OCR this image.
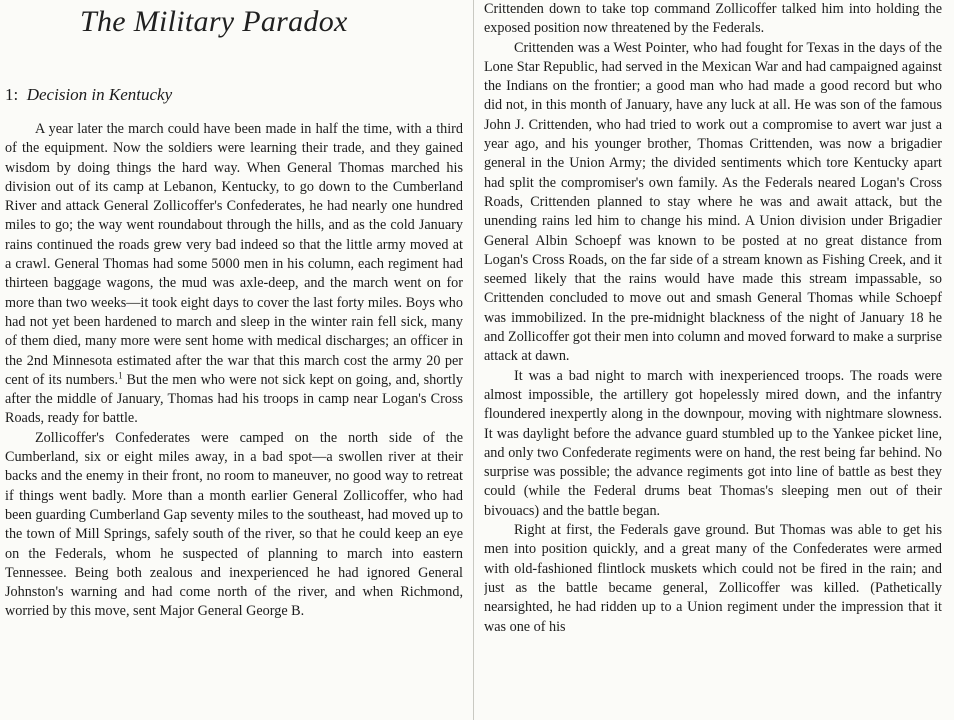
The Military Paradox
1: Decision in Kentucky

A year later the march could have been made in half the time, with a third of the equipment. Now the soldiers were learning their trade, and they gained wisdom by doing things the hard way. When General Thomas marched his division out of its camp at Lebanon, Kentucky, to go down to the Cumberland River and attack General Zollicoffer's Confederates, he had nearly one hundred miles to go; the way went roundabout through the hills, and as the cold January rains continued the roads grew very bad indeed so that the little army moved at a crawl. General Thomas had some 5000 men in his column, each regiment had thirteen baggage wagons, the mud was axle-deep, and the march went on for more than two weeks—it took eight days to cover the last forty miles. Boys who had not yet been hardened to march and sleep in the winter rain fell sick, many of them died, many more were sent home with medical discharges; an officer in the 2nd Minnesota estimated after the war that this march cost the army 20 per cent of its numbers.$^1$ But the men who were not sick kept on going, and, shortly after the middle of January, Thomas had his troops in camp near Logan's Cross Roads, ready for battle.

Zollicoffer's Confederates were camped on the north side of the Cumberland, six or eight miles away, in a bad spot—a swollen river at their backs and the enemy in their front, no room to maneuver, no good way to retreat if things went badly. More than a month earlier General Zollicoffer, who had been guarding Cumberland Gap seventy miles to the southeast, had moved up to the town of Mill Springs, safely south of the river, so that he could keep an eye on the Federals, whom he suspected of planning to march into eastern Tennessee. Being both zealous and inexperienced he had ignored General Johnston's warning and had come north of the river, and when Richmond, worried by this move, sent Major General George B.

Crittenden down to take top command Zollicoffer talked him into holding the exposed position now threatened by the Federals.

Crittenden was a West Pointer, who had fought for Texas in the days of the Lone Star Republic, had served in the Mexican War and had campaigned against the Indians on the frontier; a good man who had made a good record but who did not, in this month of January, have any luck at all. He was son of the famous John J. Crittenden, who had tried to work out a compromise to avert war just a year ago, and his younger brother, Thomas Crittenden, was now a brigadier general in the Union Army; the divided sentiments which tore Kentucky apart had split the compromiser's own family. As the Federals neared Logan's Cross Roads, Crittenden planned to stay where he was and await attack, but the unending rains led him to change his mind. A Union division under Brigadier General Albin Schoepf was known to be posted at no great distance from Logan's Cross Roads, on the far side of a stream known as Fishing Creek, and it seemed likely that the rains would have made this stream impassable, so Crittenden concluded to move out and smash General Thomas while Schoepf was immobilized. In the pre-midnight blackness of the night of January 18 he and Zollicoffer got their men into column and moved forward to make a surprise attack at dawn.

It was a bad night to march with inexperienced troops. The roads were almost impossible, the artillery got hopelessly mired down, and the infantry floundered inexpertly along in the downpour, moving with nightmare slowness. It was daylight before the advance guard stumbled up to the Yankee picket line, and only two Confederate regiments were on hand, the rest being far behind. No surprise was possible; the advance regiments got into line of battle as best they could (while the Federal drums beat Thomas's sleeping men out of their bivouacs) and the battle began.

Right at first, the Federals gave ground. But Thomas was able to get his men into position quickly, and a great many of the Confederates were armed with old-fashioned flintlock muskets which could not be fired in the rain; and just as the battle became general, Zollicoffer was killed. (Pathetically nearsighted, he had ridden up to a Union regiment under the impression that it was one of his
